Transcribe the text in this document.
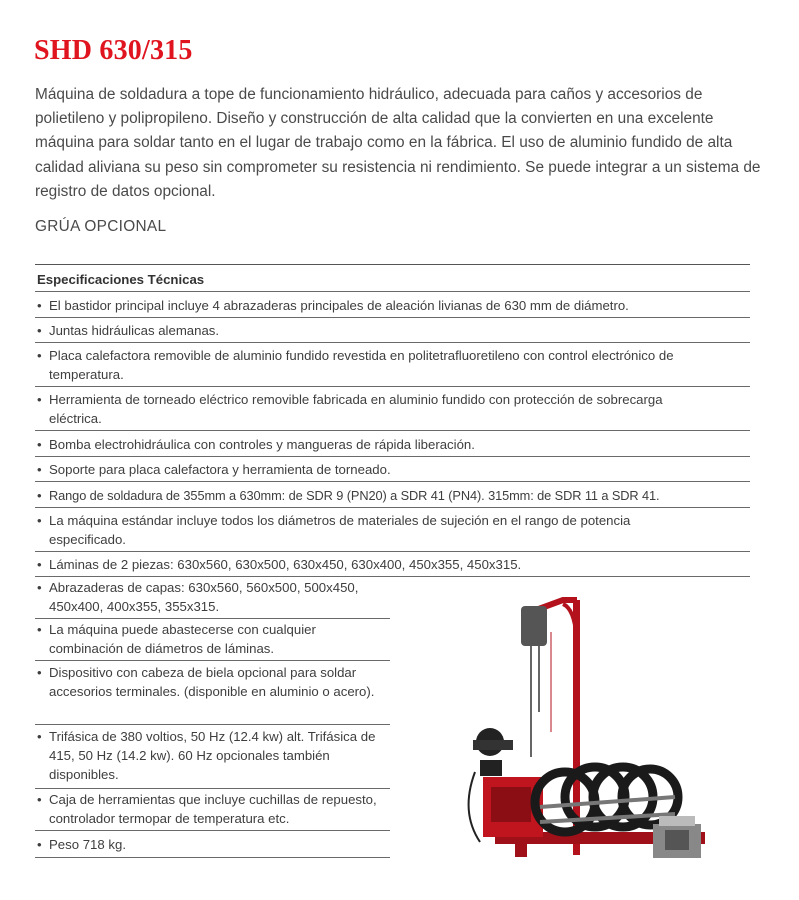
SHD 630/315

Máquina de soldadura a tope de funcionamiento hidráulico, adecuada para caños y accesorios de polietileno y polipropileno. Diseño y construcción de alta calidad que la convierten en una excelente máquina para soldar tanto en el lugar de trabajo como en la fábrica. El uso de aluminio fundido de alta calidad aliviana su peso sin comprometer su resistencia ni rendimiento. Se puede integrar a un sistema de registro de datos opcional.

GRÚA OPCIONAL

Especificaciones Técnicas
• El bastidor principal incluye 4 abrazaderas principales de aleación livianas de 630 mm de diámetro.
• Juntas hidráulicas alemanas.
• Placa calefactora removible de aluminio fundido revestida en politetrafluoretileno con control electrónico de temperatura.
• Herramienta de torneado eléctrico removible fabricada en aluminio fundido con protección de sobrecarga eléctrica.
• Bomba electrohidráulica con controles y mangueras de rápida liberación.
• Soporte para placa calefactora y herramienta de torneado.
• Rango de soldadura de 355mm a 630mm: de SDR 9 (PN20) a SDR 41 (PN4). 315mm: de SDR 11 a SDR 41.
• La máquina estándar incluye todos los diámetros de materiales de sujeción en el rango de potencia especificado.
• Láminas de 2 piezas: 630x560, 630x500, 630x450, 630x400, 450x355, 450x315.
• Abrazaderas de capas: 630x560, 560x500, 500x450, 450x400, 400x355, 355x315.
• La máquina puede abastecerse con cualquier combinación de diámetros de láminas.
• Dispositivo con cabeza de biela opcional para soldar accesorios terminales. (disponible en aluminio o acero).
• Trifásica de 380 voltios, 50 Hz (12.4 kw) alt. Trifásica de 415, 50 Hz (14.2 kw). 60 Hz opcionales también disponibles.
• Caja de herramientas que incluye cuchillas de repuesto, controlador termopar de temperatura etc.
• Peso 718 kg.
